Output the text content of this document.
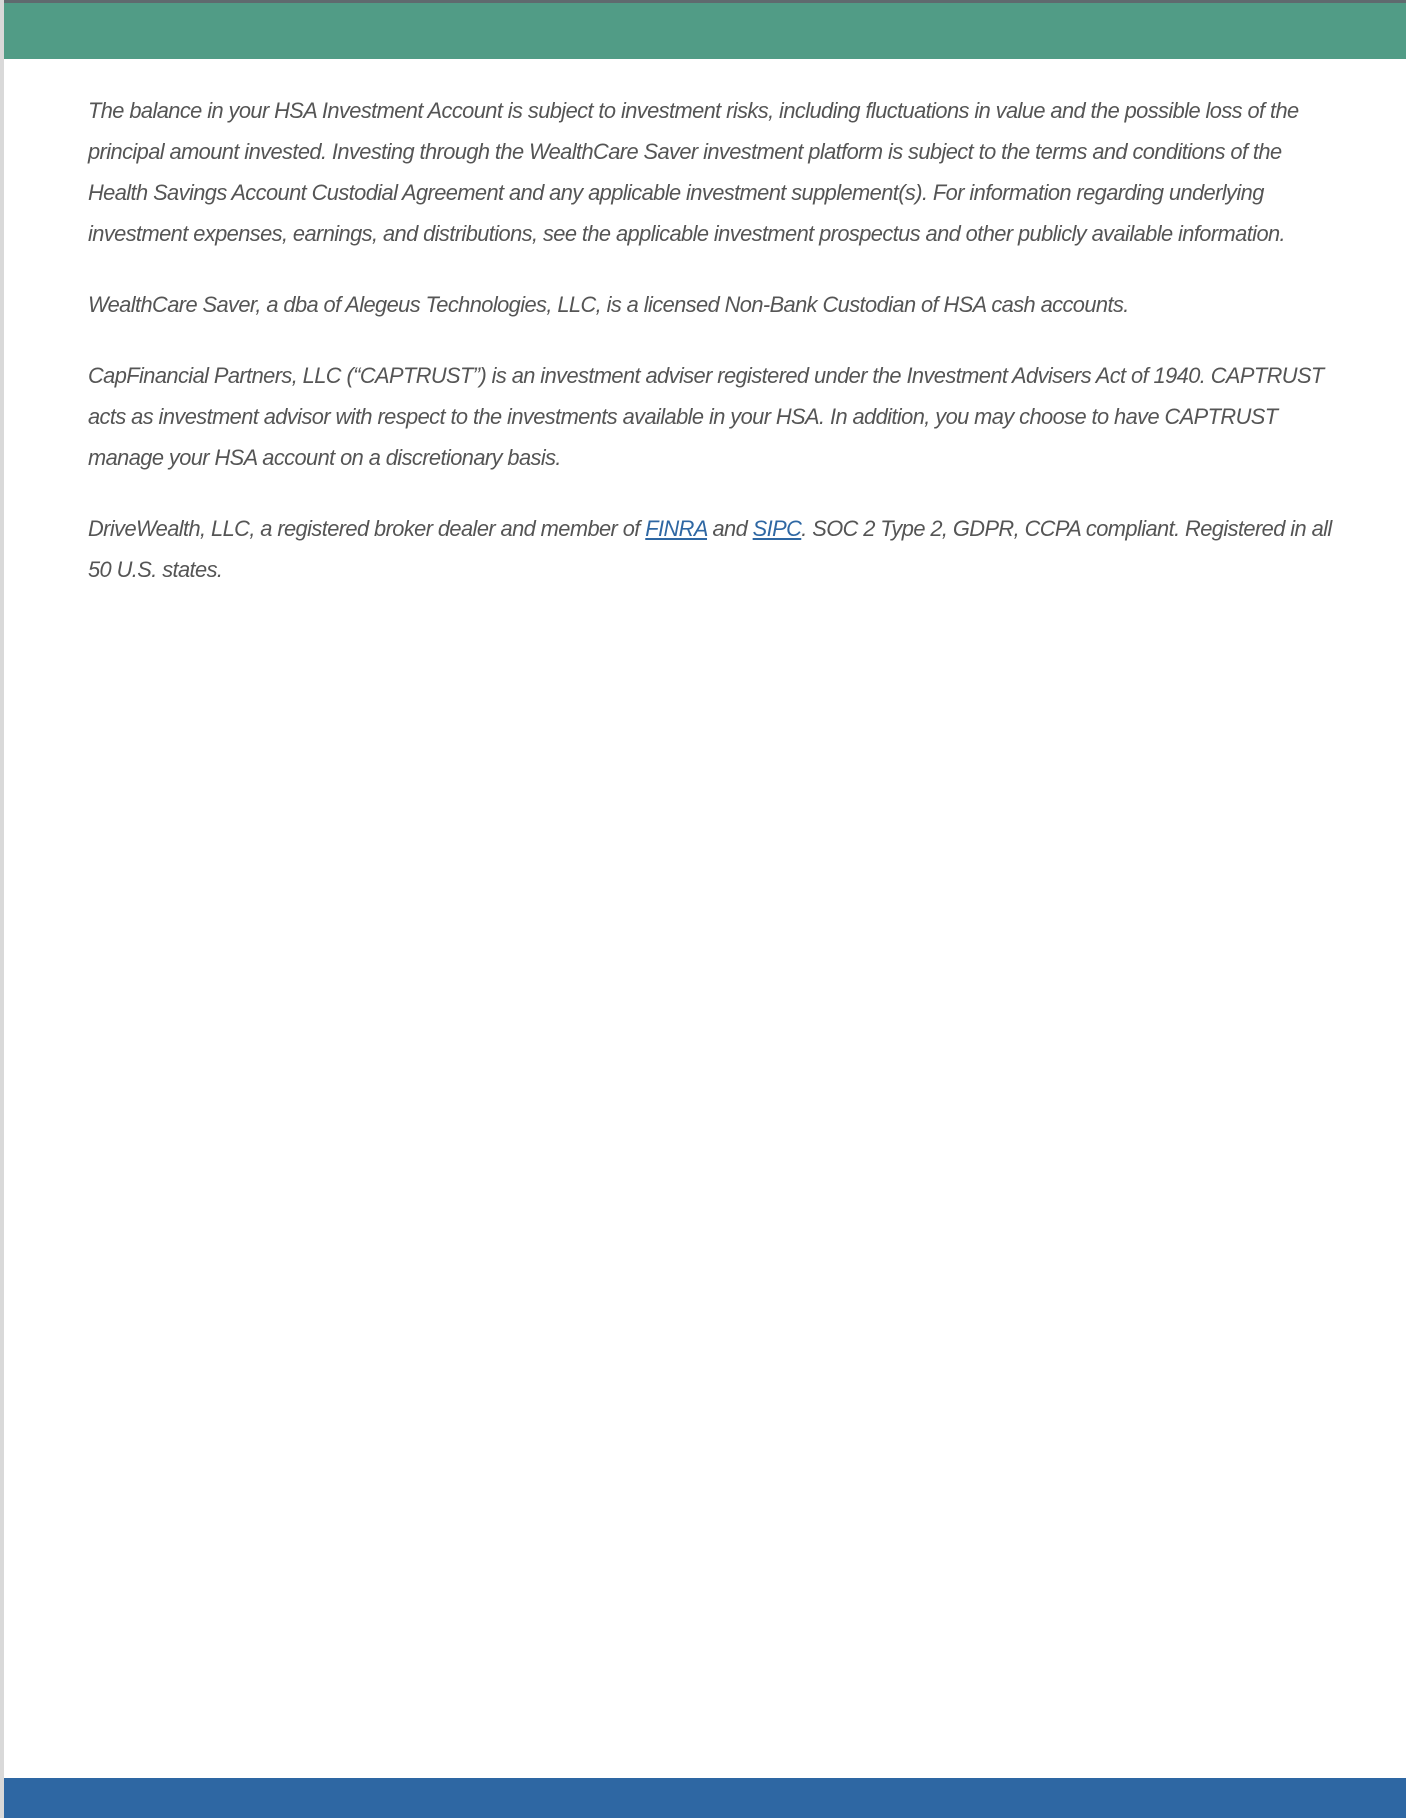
The balance in your HSA Investment Account is subject to investment risks, including fluctuations in value and the possible loss of the principal amount invested. Investing through the WealthCare Saver investment platform is subject to the terms and conditions of the Health Savings Account Custodial Agreement and any applicable investment supplement(s). For information regarding underlying investment expenses, earnings, and distributions, see the applicable investment prospectus and other publicly available information.

WealthCare Saver, a dba of Alegeus Technologies, LLC, is a licensed Non-Bank Custodian of HSA cash accounts.

CapFinancial Partners, LLC (“CAPTRUST”) is an investment adviser registered under the Investment Advisers Act of 1940. CAPTRUST acts as investment advisor with respect to the investments available in your HSA. In addition, you may choose to have CAPTRUST manage your HSA account on a discretionary basis.

DriveWealth, LLC, a registered broker dealer and member of FINRA and SIPC. SOC 2 Type 2, GDPR, CCPA compliant. Registered in all 50 U.S. states.
